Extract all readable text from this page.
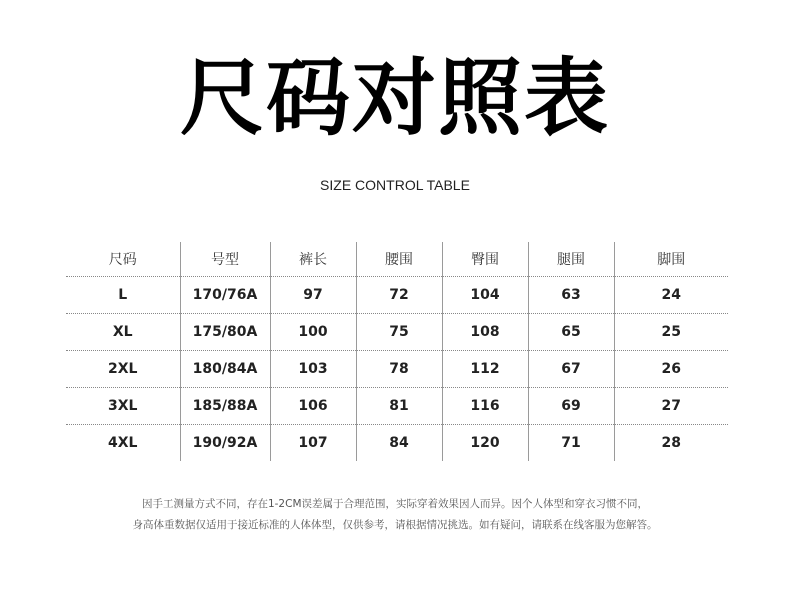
尺码对照表
SIZE CONTROL TABLE
尺码	号型	裤长	腰围	臀围	腿围	脚围
L	170/76A	97	72	104	63	24
XL	175/80A	100	75	108	65	25
2XL	180/84A	103	78	112	67	26
3XL	185/88A	106	81	116	69	27
4XL	190/92A	107	84	120	71	28
因手工测量方式不同，存在1-2CM误差属于合理范围，实际穿着效果因人而异。因个人体型和穿衣习惯不同，
身高体重数据仅适用于接近标准的人体体型，仅供参考，请根据情况挑选。如有疑问，请联系在线客服为您解答。
